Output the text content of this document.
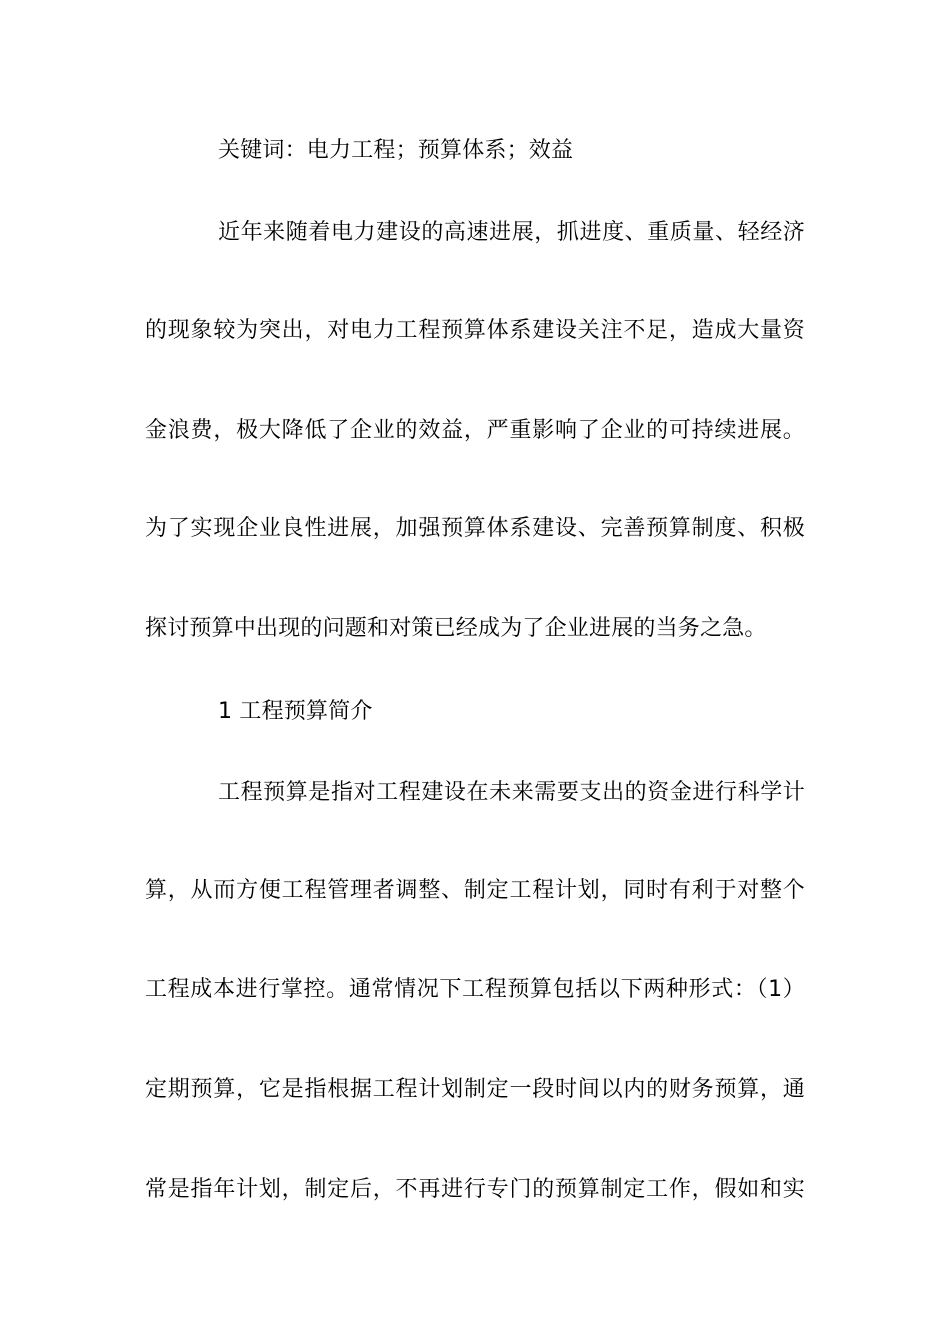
关键词：电力工程；预算体系；效益
近年来随着电力建设的高速进展，抓进度、重质量、轻经济
的现象较为突出，对电力工程预算体系建设关注不足，造成大量资
金浪费，极大降低了企业的效益，严重影响了企业的可持续进展。
为了实现企业良性进展，加强预算体系建设、完善预算制度、积极
探讨预算中出现的问题和对策已经成为了企业进展的当务之急。
1 工程预算简介
工程预算是指对工程建设在未来需要支出的资金进行科学计
算，从而方便工程管理者调整、制定工程计划，同时有利于对整个
工程成本进行掌控。通常情况下工程预算包括以下两种形式：（1）
定期预算，它是指根据工程计划制定一段时间以内的财务预算，通
常是指年计划，制定后，不再进行专门的预算制定工作，假如和实
